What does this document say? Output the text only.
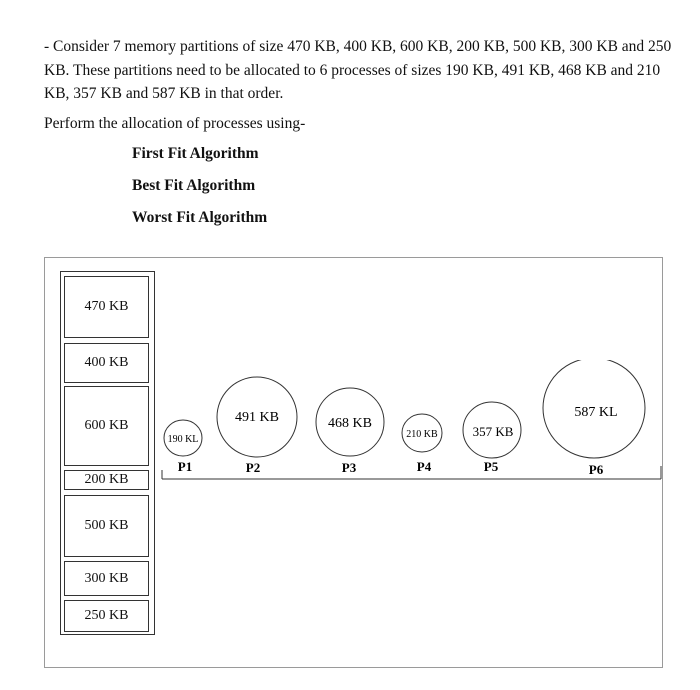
- Consider 7 memory partitions of size 470 KB, 400 KB, 600 KB, 200 KB, 500 KB, 300 KB and 250 KB. These partitions need to be allocated to 6 processes of sizes 190 KB, 491 KB, 468 KB and 210 KB, 357 KB and 587 KB in that order.

Perform the allocation of processes using-

First Fit Algorithm

Best Fit Algorithm

Worst Fit Algorithm

470 KB
400 KB
600 KB
200 KB
500 KB
300 KB
250 KB
190 KL
P1
491 KB
P2
468 KB
P3
210 KB
P4
357 KB
P5
587 KL
P6
